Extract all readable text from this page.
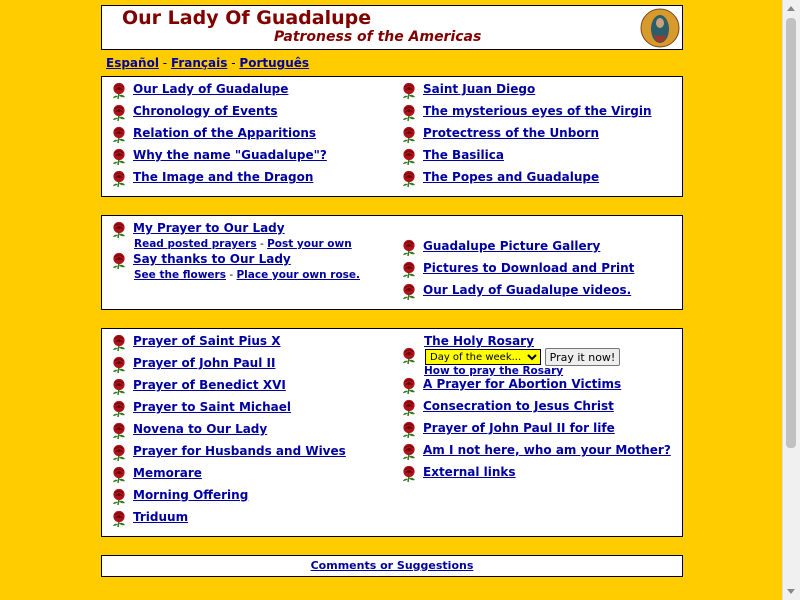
Our Lady Of Guadalupe
Patroness of the Americas
Español - Français - Português
Our Lady of Guadalupe
Chronology of Events
Relation of the Apparitions
Why the name "Guadalupe"?
The Image and the Dragon
Saint Juan Diego
The mysterious eyes of the Virgin
Protectress of the Unborn
The Basilica
The Popes and Guadalupe
My Prayer to Our Lady
Read posted prayers - Post your own
Say thanks to Our Lady
See the flowers - Place your own rose.
Guadalupe Picture Gallery
Pictures to Download and Print
Our Lady of Guadalupe videos.
Prayer of Saint Pius X
Prayer of John Paul II
Prayer of Benedict XVI
Prayer to Saint Michael
Novena to Our Lady
Prayer for Husbands and Wives
Memorare
Morning Offering
Triduum
The Holy Rosary
Day of the week...
Pray it now!
How to pray the Rosary
A Prayer for Abortion Victims
Consecration to Jesus Christ
Prayer of John Paul II for life
Am I not here, who am your Mother?
External links
Comments or Suggestions
